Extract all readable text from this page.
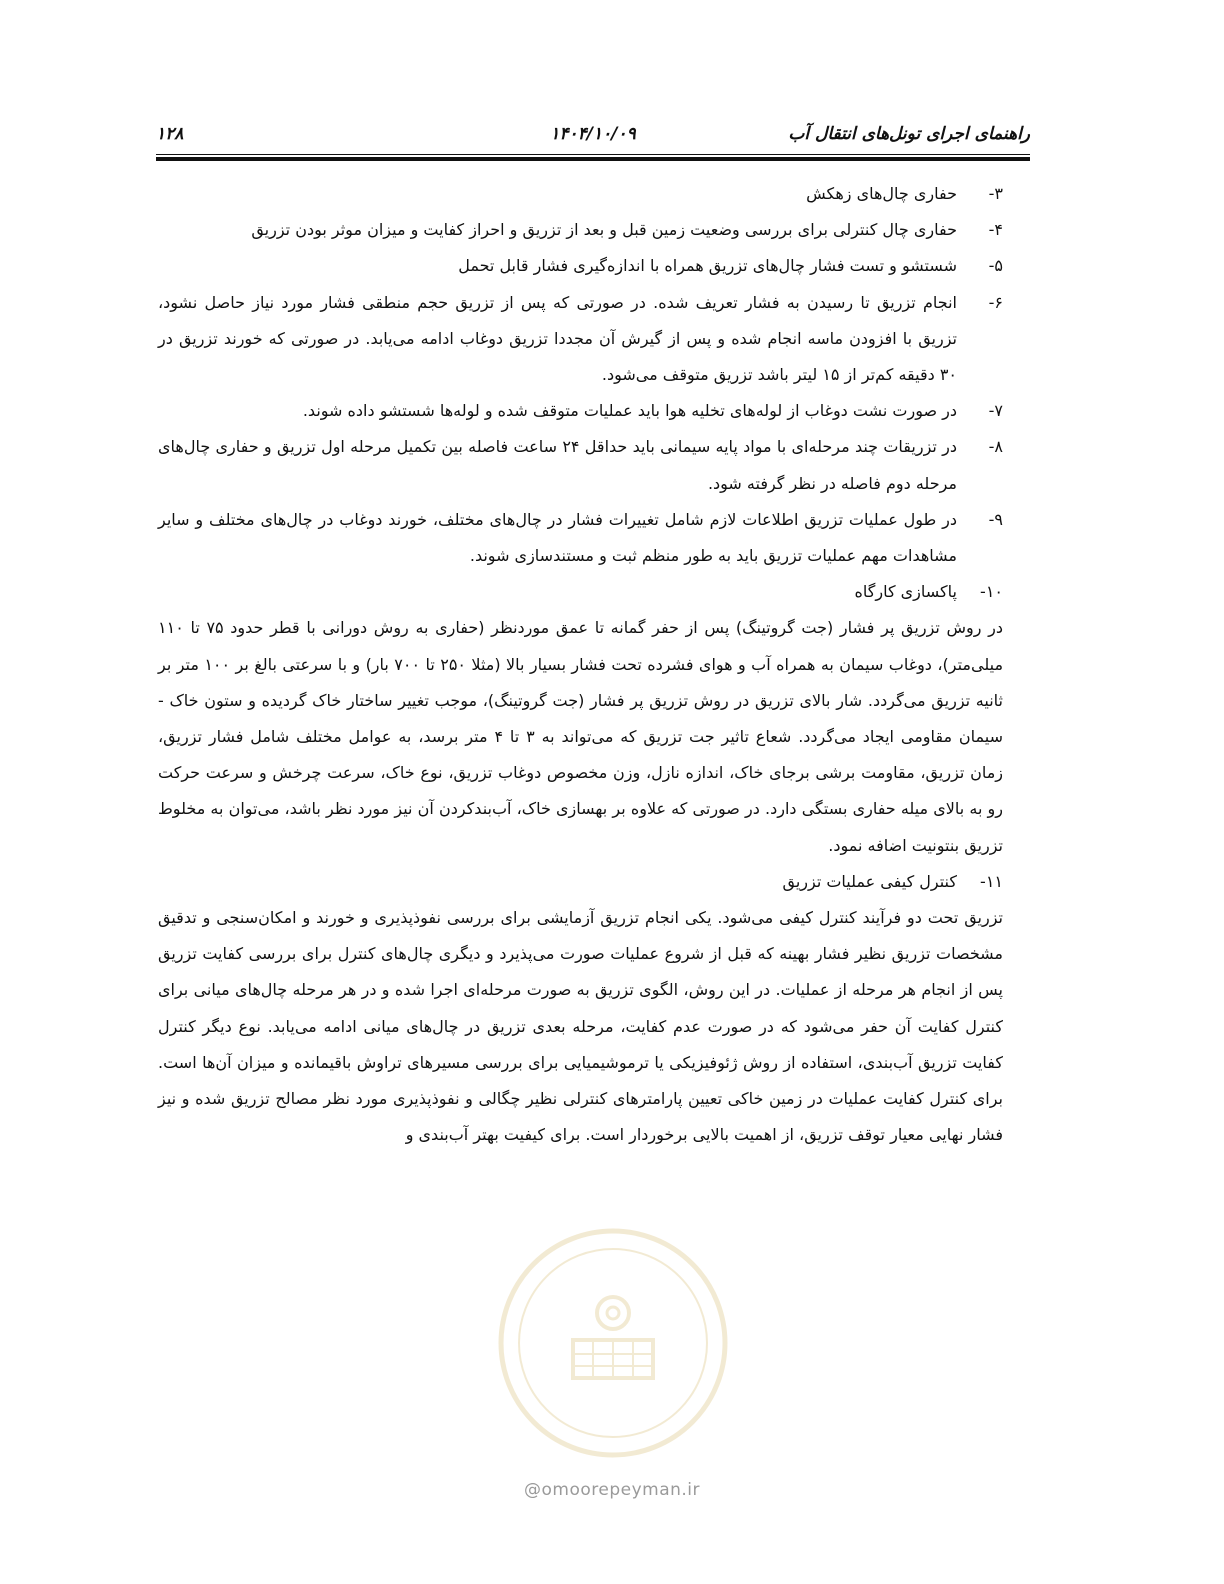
راهنمای اجرای تونل‌های انتقال آب
۱۴۰۴/۱۰/۰۹
۱۲۸
۳-
حفاری چال‌های زهکش
۴-
حفاری چال کنترلی برای بررسی وضعیت زمین قبل و بعد از تزریق و احراز کفایت و میزان موثر بودن تزریق
۵-
شستشو و تست فشار چال‌های تزریق همراه با اندازه‌گیری فشار قابل تحمل
۶-
انجام تزریق تا رسیدن به فشار تعریف شده. در صورتی که پس از تزریق حجم منطقی فشار مورد نیاز حاصل نشود، تزریق با افزودن ماسه انجام شده و پس از گیرش آن مجددا تزریق دوغاب ادامه می‌یابد. در صورتی که خورند تزریق در ۳۰ دقیقه کم‌تر از ۱۵ لیتر باشد تزریق متوقف می‌شود.
۷-
در صورت نشت دوغاب از لوله‌های تخلیه هوا باید عملیات متوقف شده و لوله‌ها شستشو داده شوند.
۸-
در تزریقات چند مرحله‌ای با مواد پایه سیمانی باید حداقل ۲۴ ساعت فاصله بین تکمیل مرحله اول تزریق و حفاری چال‌های مرحله دوم فاصله در نظر گرفته شود.
۹-
در طول عملیات تزریق اطلاعات لازم شامل تغییرات فشار در چال‌های مختلف، خورند دوغاب در چال‌های مختلف و سایر مشاهدات مهم عملیات تزریق باید به طور منظم ثبت و مستندسازی شوند.
۱۰-
پاکسازی کارگاه

در روش تزریق پر فشار (جت گروتینگ) پس از حفر گمانه تا عمق موردنظر (حفاری به روش دورانی با قطر حدود ۷۵ تا ۱۱۰ میلی‌متر)، دوغاب سیمان به همراه آب و هوای فشرده تحت فشار بسیار بالا (مثلا ۲۵۰ تا ۷۰۰ بار) و با سرعتی بالغ بر ۱۰۰ متر بر ثانیه تزریق می‌گردد. شار بالای تزریق در روش تزریق پر فشار (جت گروتینگ)، موجب تغییر ساختار خاک گردیده و ستون خاک - سیمان مقاومی ایجاد می‌گردد. شعاع تاثیر جت تزریق که می‌تواند به ۳ تا ۴ متر برسد، به عوامل مختلف شامل فشار تزریق، زمان تزریق، مقاومت برشی برجای خاک، اندازه نازل، وزن مخصوص دوغاب تزریق، نوع خاک، سرعت چرخش و سرعت حرکت رو به بالای میله حفاری بستگی دارد. در صورتی که علاوه بر بهسازی خاک، آب‌بندکردن آن نیز مورد نظر باشد، می‌توان به مخلوط تزریق بنتونیت اضافه نمود.

۱۱-
کنترل کیفی عملیات تزریق

تزریق تحت دو فرآیند کنترل کیفی می‌شود. یکی انجام تزریق آزمایشی برای بررسی نفوذپذیری و خورند و امکان‌سنجی و تدقیق مشخصات تزریق نظیر فشار بهینه که قبل از شروع عملیات صورت می‌پذیرد و دیگری چال‌های کنترل برای بررسی کفایت تزریق پس از انجام هر مرحله از عملیات. در این روش، الگوی تزریق به صورت مرحله‌ای اجرا شده و در هر مرحله چال‌های میانی برای کنترل کفایت آن حفر می‌شود که در صورت عدم کفایت، مرحله بعدی تزریق در چال‌های میانی ادامه می‌یابد. نوع دیگر کنترل کفایت تزریق آب‌بندی، استفاده از روش ژئوفیزیکی یا ترموشیمیایی برای بررسی مسیرهای تراوش باقیمانده و میزان آن‌ها است. برای کنترل کفایت عملیات در زمین خاکی تعیین پارامترهای کنترلی نظیر چگالی و نفوذپذیری مورد نظر مصالح تزریق شده و نیز فشار نهایی معیار توقف تزریق، از اهمیت بالایی برخوردار است. برای کیفیت بهتر آب‌بندی و

@omoorepeyman.ir
